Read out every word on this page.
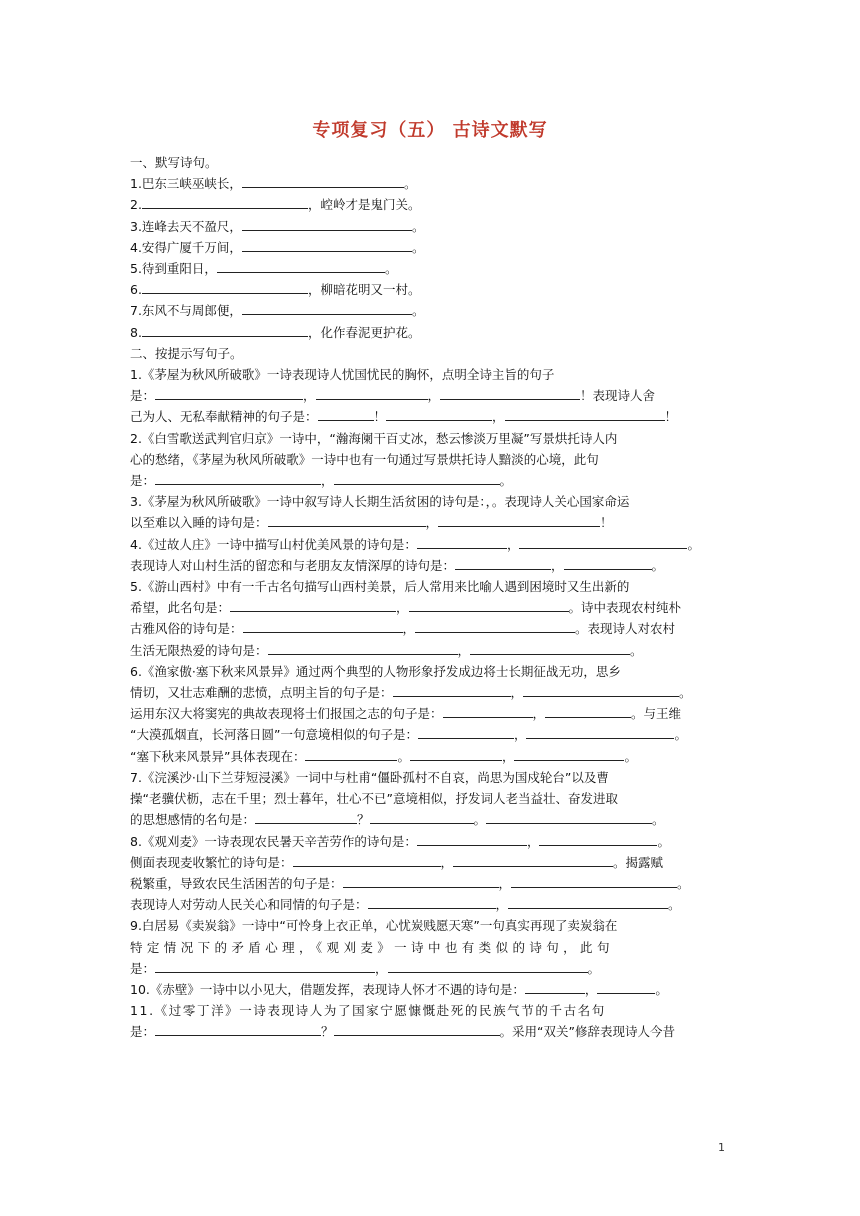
专项复习（五） 古诗文默写
一、默写诗句。
1.巴东三峡巫峡长，	。
2.	，崆岭才是鬼门关。
3.连峰去天不盈尺，	。
4.安得广厦千万间，	。
5.待到重阳日，	。
6.	，柳暗花明又一村。
7.东风不与周郎便，	。
8.	，化作春泥更护花。
二、按提示写句子。
1.《茅屋为秋风所破歌》一诗表现诗人忧国忧民的胸怀，点明全诗主旨的句子
是：	，	，	！表现诗人舍
己为人、无私奉献精神的句子是：	！	，	！
2.《白雪歌送武判官归京》一诗中，“瀚海阑干百丈冰，愁云惨淡万里凝”写景烘托诗人内
心的愁绪，《茅屋为秋风所破歌》一诗中也有一句通过写景烘托诗人黯淡的心境，此句
是：	，	。
3.《茅屋为秋风所破歌》一诗中叙写诗人长期生活贫困的诗句是：，。表现诗人关心国家命运
以至难以入睡的诗句是：	，	！
4.《过故人庄》一诗中描写山村优美风景的诗句是：	，	。
表现诗人对山村生活的留恋和与老朋友友情深厚的诗句是：	，	。
5.《游山西村》中有一千古名句描写山西村美景，后人常用来比喻人遇到困境时又生出新的
希望，此名句是：	，	。诗中表现农村纯朴
古雅风俗的诗句是：	，	。表现诗人对农村
生活无限热爱的诗句是：	，	。
6.《渔家傲·塞下秋来风景异》通过两个典型的人物形象抒发成边将士长期征战无功，思乡
情切，又壮志难酬的悲愤，点明主旨的句子是：	，	。
运用东汉大将窦宪的典故表现将士们报国之志的句子是：	，	。与王维
“大漠孤烟直，长河落日圆”一句意境相似的句子是：	，	。
“塞下秋来风景异”具体表现在：	。	，	。
7.《浣溪沙·山下兰芽短浸溪》一词中与杜甫“僵卧孤村不自哀，尚思为国戍轮台”以及曹
操“老骥伏枥，志在千里；烈士暮年，壮心不已”意境相似，抒发词人老当益壮、奋发进取
的思想感情的名句是：	？	。	。
8.《观刈麦》一诗表现农民暑天辛苦劳作的诗句是：	，	。
侧面表现麦收繁忙的诗句是：	，	。揭露赋
税繁重，导致农民生活困苦的句子是：	，	。
表现诗人对劳动人民关心和同情的句子是：	，	。
9.白居易《卖炭翁》一诗中“可怜身上衣正单，心忧炭贱愿天寒”一句真实再现了卖炭翁在
特定情况下的矛盾心理，《观刈麦》一诗中也有类似的诗句，此句
是：	，	。
10.《赤壁》一诗中以小见大，借题发挥，表现诗人怀才不遇的诗句是：	，	。
11.《过零丁洋》一诗表现诗人为了国家宁愿慷慨赴死的民族气节的千古名句
是：	？	。采用“双关”修辞表现诗人今昔
1
